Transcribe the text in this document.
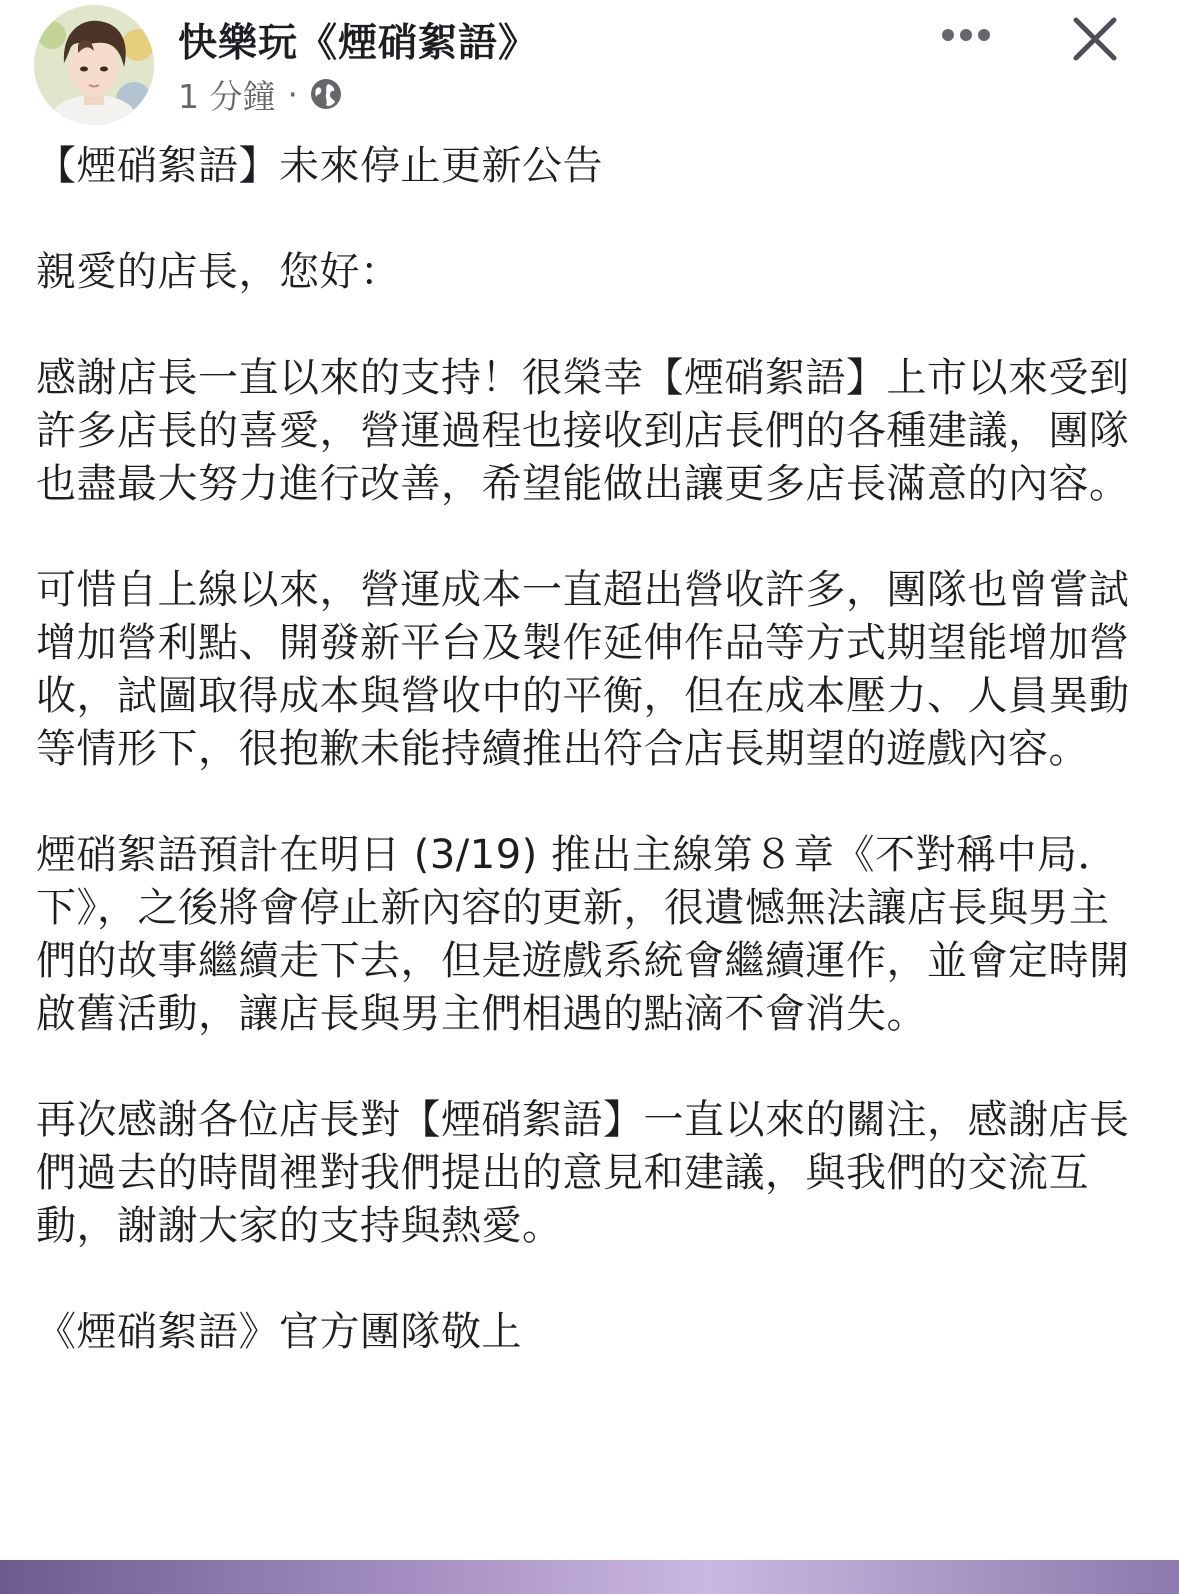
快樂玩《煙硝絮語》
1 分鐘 ·

【煙硝絮語】未來停止更新公告

親愛的店長，您好：

感謝店長一直以來的支持！很榮幸【煙硝絮語】上市以來受到許多店長的喜愛，營運過程也接收到店長們的各種建議，團隊也盡最大努力進行改善，希望能做出讓更多店長滿意的內容。

可惜自上線以來，營運成本一直超出營收許多，團隊也曾嘗試增加營利點、開發新平台及製作延伸作品等方式期望能增加營收，試圖取得成本與營收中的平衡，但在成本壓力、人員異動等情形下，很抱歉未能持續推出符合店長期望的遊戲內容。

煙硝絮語預計在明日 (3/19) 推出主線第８章《不對稱中局．下》，之後將會停止新內容的更新，很遺憾無法讓店長與男主們的故事繼續走下去，但是遊戲系統會繼續運作，並會定時開啟舊活動，讓店長與男主們相遇的點滴不會消失。

再次感謝各位店長對【煙硝絮語】一直以來的關注，感謝店長們過去的時間裡對我們提出的意見和建議，與我們的交流互動，謝謝大家的支持與熱愛。

《煙硝絮語》官方團隊敬上
